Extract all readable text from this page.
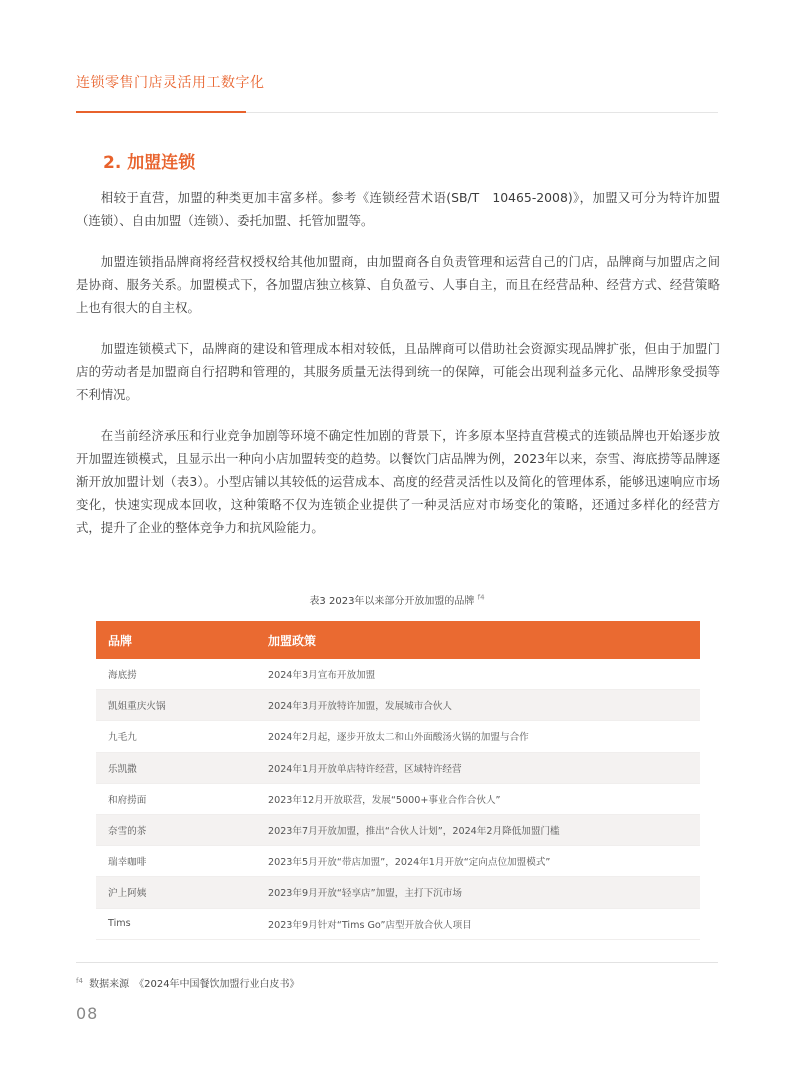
连锁零售门店灵活用工数字化
2. 加盟连锁

相较于直营，加盟的种类更加丰富多样。参考《连锁经营术语(SB/T　10465-2008)》，加盟又可分为特许加盟（连锁）、自由加盟（连锁）、委托加盟、托管加盟等。

加盟连锁指品牌商将经营权授权给其他加盟商，由加盟商各自负责管理和运营自己的门店，品牌商与加盟店之间是协商、服务关系。加盟模式下，各加盟店独立核算、自负盈亏、人事自主，而且在经营品种、经营方式、经营策略上也有很大的自主权。

加盟连锁模式下，品牌商的建设和管理成本相对较低，且品牌商可以借助社会资源实现品牌扩张，但由于加盟门店的劳动者是加盟商自行招聘和管理的，其服务质量无法得到统一的保障，可能会出现利益多元化、品牌形象受损等不利情况。

在当前经济承压和行业竞争加剧等环境不确定性加剧的背景下，许多原本坚持直营模式的连锁品牌也开始逐步放开加盟连锁模式，且显示出一种向小店加盟转变的趋势。以餐饮门店品牌为例，2023年以来，奈雪、海底捞等品牌逐渐开放加盟计划（表3）。小型店铺以其较低的运营成本、高度的经营灵活性以及简化的管理体系，能够迅速响应市场变化，快速实现成本回收，这种策略不仅为连锁企业提供了一种灵活应对市场变化的策略，还通过多样化的经营方式，提升了企业的整体竞争力和抗风险能力。

表3 2023年以来部分开放加盟的品牌 $^{f4}$
品牌	加盟政策
海底捞	2024年3月宣布开放加盟
凯姐重庆火锅	2024年3月开放特许加盟，发展城市合伙人
九毛九	2024年2月起，逐步开放太二和山外面酸汤火锅的加盟与合作
乐凯撒	2024年1月开放单店特许经营，区域特许经营
和府捞面	2023年12月开放联营，发展“5000+事业合作合伙人”
奈雪的茶	2023年7月开放加盟，推出“合伙人计划”，2024年2月降低加盟门槛
瑞幸咖啡	2023年5月开放“带店加盟”，2024年1月开放“定向点位加盟模式”
沪上阿姨	2023年9月开放“轻享店”加盟，主打下沉市场
Tims	2023年9月针对“Tims Go”店型开放合伙人项目
$^{f4}$ 数据来源　《2024年中国餐饮加盟行业白皮书》
08
